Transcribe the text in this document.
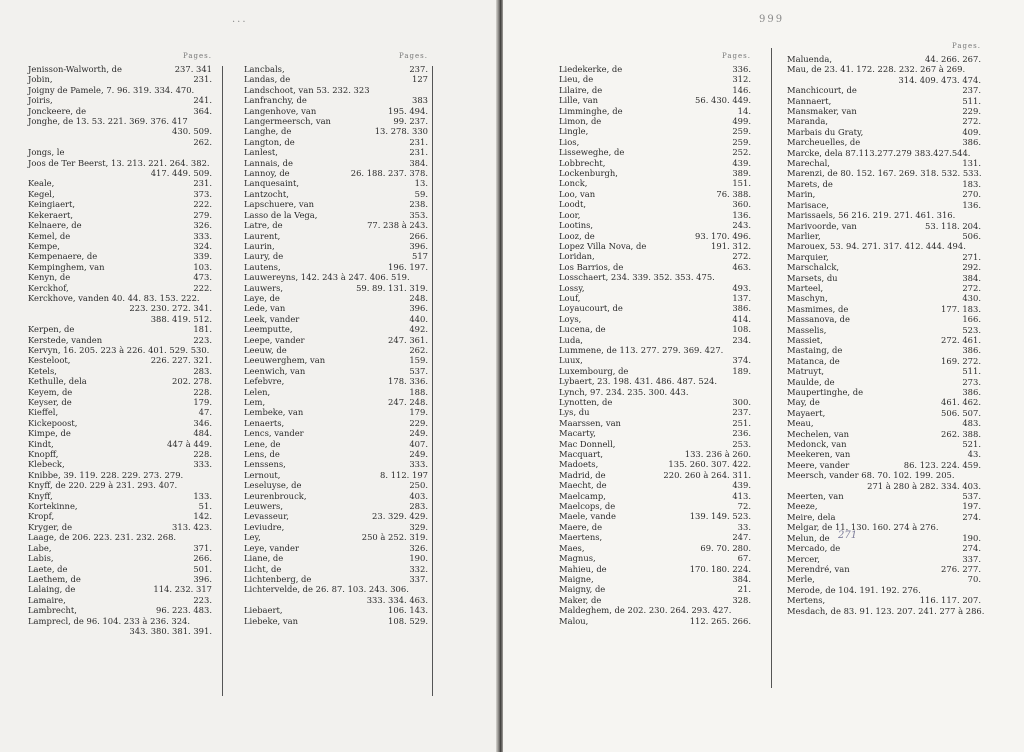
...
Pages.
Jenisson-Walworth, de	237. 341
Jobin,	231.
Joigny de Pamele, 7. 96. 319. 334. 470.
Joiris,	241.
Jonckeere, de	364.
Jonghe, de 13. 53. 221. 369. 376. 417
430. 509.
262.
Jongs, le
Joos de Ter Beerst, 13. 213. 221. 264. 382.
417. 449. 509.
Keale,	231.
Kegel,	373.
Keingiaert,	222.
Kekeraert,	279.
Kelnaere, de	326.
Kemel, de	333.
Kempe,	324.
Kempenaere, de	339.
Kempinghem, van	103.
Kenyn, de	473.
Kerckhof,	222.
Kerckhove, vanden 40. 44. 83. 153. 222.
223. 230. 272. 341.
388. 419. 512.
Kerpen, de	181.
Kerstede, vanden	223.
Kervyn, 16. 205. 223 à 226. 401. 529. 530.
Kesteloot,	226. 227. 321.
Ketels,	283.
Kethulle, dela	202. 278.
Keyem, de	228.
Keyser, de	179.
Kieffel,	47.
Kickepoost,	346.
Kimpe, de	484.
Kindt,	447 à 449.
Knopff,	228.
Klebeck,	333.
Knibbe, 39. 119. 228. 229. 273. 279.
Knyff, de 220. 229 à 231. 293. 407.
Knyff,	133.
Kortekinne,	51.
Kropf,	142.
Kryger, de	313. 423.
Laage, de 206. 223. 231. 232. 268.
Labe,	371.
Labis,	266.
Laete, de	501.
Laethem, de	396.
Lalaing, de	114. 232. 317
Lamaire,	223.
Lambrecht,	96. 223. 483.
Lamprecl, de 96. 104. 233 à 236. 324.
343. 380. 381. 391.
Pages.
Lancbals,	237.
Landas, de	127
Landschoot, van 53. 232. 323
Lanfranchy, de	383
Langenhove, van	195. 494.
Langermeersch, van	99. 237.
Langhe, de	13. 278. 330
Langton, de	231.
Lanlest,	231.
Lannais, de	384.
Lannoy, de	26. 188. 237. 378.
Lanquesaint,	13.
Lantzocht,	59.
Lapschuere, van	238.
Lasso de la Vega,	353.
Latre, de	77. 238 à 243.
Laurent,	266.
Laurin,	396.
Laury, de	517
Lautens,	196. 197.
Lauwereyns, 142. 243 à 247. 406. 519.
Lauwers,	59. 89. 131. 319.
Laye, de	248.
Lede, van	396.
Leek, vander	440.
Leemputte,	492.
Leepe, vander	247. 361.
Leeuw, de	262.
Leeuwerghem, van	159.
Leenwich, van	537.
Lefebvre,	178. 336.
Lelen,	188.
Lem,	247. 248.
Lembeke, van	179.
Lenaerts,	229.
Lencs, vander	249.
Lene, de	407.
Lens, de	249.
Lenssens,	333.
Lernout,	8. 112. 197
Leseluyse, de	250.
Leurenbrouck,	403.
Leuwers,	283.
Levasseur,	23. 329. 429.
Leviudre,	329.
Ley,	250 à 252. 319.
Leye, vander	326.
Liane, de	190.
Licht, de	332.
Lichtenberg, de	337.
Lichtervelde, de 26. 87. 103. 243. 306.
333. 334. 463.
Liebaert,	106. 143.
Liebeke, van	108. 529.
999
Pages.
Liedekerke, de	336.
Lieu, de	312.
Lilaire, de	146.
Lille, van	56. 430. 449.
Limminghe, de	14.
Limon, de	499.
Lingle,	259.
Lios,	259.
Lisseweghe, de	252.
Lobbrecht,	439.
Lockenburgh,	389.
Lonck,	151.
Loo, van	76. 388.
Loodt,	360.
Loor,	136.
Lootins,	243.
Looz, de	93. 170. 496.
Lopez Villa Nova, de	191. 312.
Loridan,	272.
Los Barrios, de	463.
Losschaert, 234. 339. 352. 353. 475.
Lossy,	493.
Louf,	137.
Loyaucourt, de	386.
Loys,	414.
Lucena, de	108.
Luda,	234.
Lummene, de 113. 277. 279. 369. 427.
Luux,	374.
Luxembourg, de	189.
Lybaert, 23. 198. 431. 486. 487. 524.
Lynch, 97. 234. 235. 300. 443.
Lynotten, de	300.
Lys, du	237.
Maarssen, van	251.
Macarty,	236.
Mac Donnell,	253.
Macquart,	133. 236 à 260.
Madoets,	135. 260. 307. 422.
Madrid, de	220. 260 à 264. 311.
Maecht, de	439.
Maelcamp,	413.
Maelcops, de	72.
Maele, vande	139. 149. 523.
Maere, de	33.
Maertens,	247.
Maes,	69. 70. 280.
Magnus,	67.
Mahieu, de	170. 180. 224.
Maigne,	384.
Maigny, de	21.
Maker, de	328.
Maldeghem, de 202. 230. 264. 293. 427.
Malou,	112. 265. 266.
Pages.
Maluenda,	44. 266. 267.
Mau, de 23. 41. 172. 228. 232. 267 à 269.
314. 409. 473. 474.
Manchicourt, de	237.
Mannaert,	511.
Mansmaker, van	229.
Maranda,	272.
Marbais du Graty,	409.
Marcheuelles, de	386.
Marcke, dela 87.113.277.279 383.427.544.
Marechal,	131.
Marenzi, de 80. 152. 167. 269. 318. 532. 533.
Marets, de	183.
Marin,	270.
Marisace,	136.
Marissaels, 56 216. 219. 271. 461. 316.
Marivoorde, van	53. 118. 204.
Marlier,	506.
Marouex, 53. 94. 271. 317. 412. 444. 494.
Marquier,	271.
Marschalck,	292.
Marsets, du	384.
Marteel,	272.
Maschyn,	430.
Masmimes, de	177. 183.
Massanova, de	166.
Masselis,	523.
Massiet,	272. 461.
Mastaing, de	386.
Matanca, de	169. 272.
Matruyt,	511.
Maulde, de	273.
Maupertinghe, de	386.
May, de	461. 462.
Mayaert,	506. 507.
Meau,	483.
Mechelen, van	262. 388.
Medonck, van	521.
Meekeren, van	43.
Meere, vander	86. 123. 224. 459.
Meersch, vander 68. 70. 102. 199. 205.
271 à 280 à 282. 334. 403.
Meerten, van	537.
Meeze,	197.
Meire, dela	274.
Melgar, de 11. 130. 160. 274 à 276.
Melun, de	190.
Mercado, de	274.
Mercer,	337.
Merendré, van	276. 277.
Merle,	70.
Merode, de 104. 191. 192. 276.
Mertens,	116. 117. 207.
Mesdach, de 83. 91. 123. 207. 241. 277 à 286.
271
